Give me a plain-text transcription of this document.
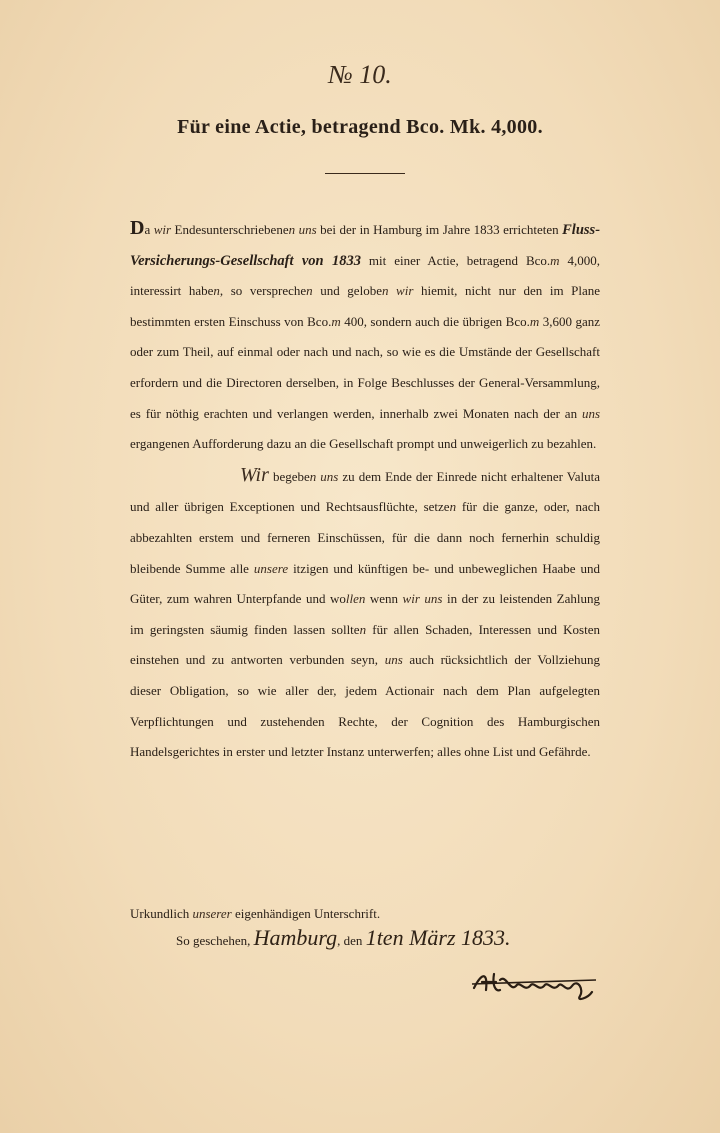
№ 10.
Für eine Actie, betragend Bco. Mk. 4,000.

Da wir Endesunterschriebenen uns bei der in Hamburg im Jahre 1833 errichteten Fluss-Versicherungs-Gesellschaft von 1833 mit einer Actie, betragend Bco.m 4,000, interessirt haben, so versprechen und geloben wir hiemit, nicht nur den im Plane bestimmten ersten Einschuss von Bco.m 400, sondern auch die übrigen Bco.m 3,600 ganz oder zum Theil, auf einmal oder nach und nach, so wie es die Umstände der Gesellschaft erfordern und die Directoren derselben, in Folge Beschlusses der General-Versammlung, es für nöthig erachten und verlangen werden, innerhalb zwei Monaten nach der an uns ergangenen Aufforderung dazu an die Gesellschaft prompt und unweigerlich zu bezahlen.

Wir begeben uns zu dem Ende der Einrede nicht erhaltener Valuta und aller übrigen Exceptionen und Rechtsausflüchte, setzen für die ganze, oder, nach abbezahlten erstem und ferneren Einschüssen, für die dann noch fernerhin schuldig bleibende Summe alle unsere itzigen und künftigen be- und unbeweglichen Haabe und Güter, zum wahren Unterpfande und wollen wenn wir uns in der zu leistenden Zahlung im geringsten säumig finden lassen sollten für allen Schaden, Interessen und Kosten einstehen und zu antworten verbunden seyn, uns auch rücksichtlich der Vollziehung dieser Obligation, so wie aller der, jedem Actionair nach dem Plan aufgelegten Verpflichtungen und zustehenden Rechte, der Cognition des Hamburgischen Handelsgerichtes in erster und letzter Instanz unterwerfen; alles ohne List und Gefährde.

Urkundlich unserer eigenhändigen Unterschrift.
So geschehen, Hamburg, den 1ten März 1833.
